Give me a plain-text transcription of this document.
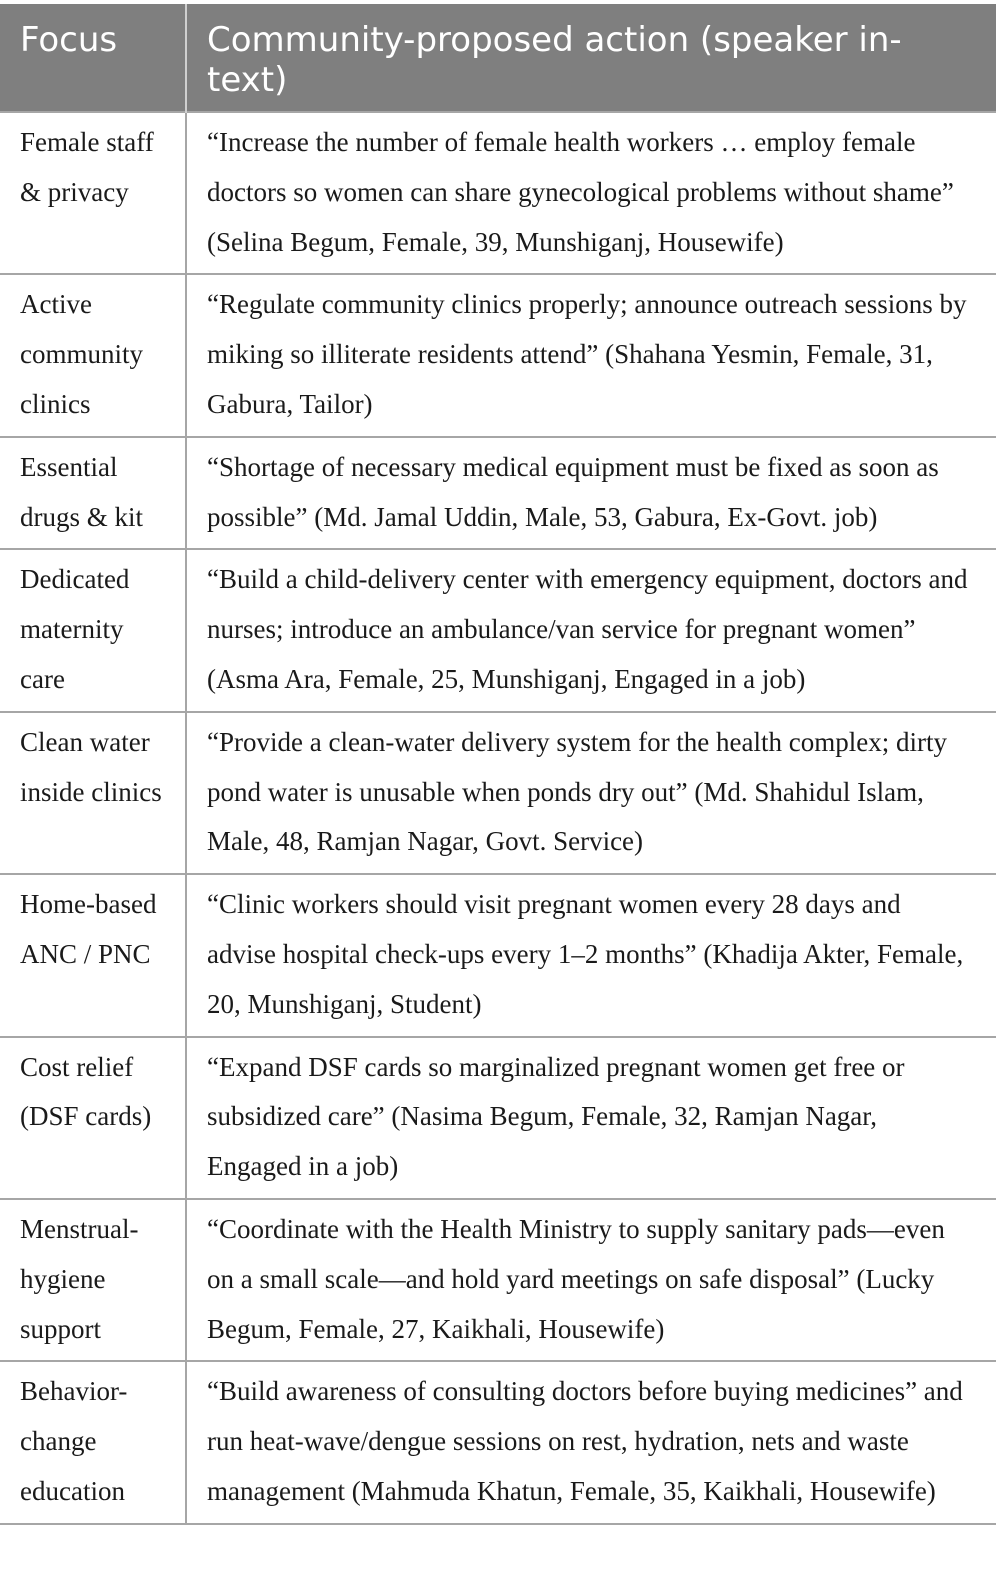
Focus	Community-proposed action (speaker in-text)
Female staff & privacy	“Increase the number of female health workers … employ female doctors so women can share gynecological problems without shame” (Selina Begum, Female, 39, Munshiganj, Housewife)
Active community clinics	“Regulate community clinics properly; announce outreach sessions by miking so illiterate residents attend” (Shahana Yesmin, Female, 31, Gabura, Tailor)
Essential drugs & kit	“Shortage of necessary medical equipment must be fixed as soon as possible” (Md. Jamal Uddin, Male, 53, Gabura, Ex-Govt. job)
Dedicated maternity care	“Build a child-delivery center with emergency equipment, doctors and nurses; introduce an ambulance/van service for pregnant women” (Asma Ara, Female, 25, Munshiganj, Engaged in a job)
Clean water inside clinics	“Provide a clean-water delivery system for the health complex; dirty pond water is unusable when ponds dry out” (Md. Shahidul Islam, Male, 48, Ramjan Nagar, Govt. Service)
Home-based ANC / PNC	“Clinic workers should visit pregnant women every 28 days and advise hospital check-ups every 1–2 months” (Khadija Akter, Female, 20, Munshiganj, Student)
Cost relief (DSF cards)	“Expand DSF cards so marginalized pregnant women get free or subsidized care” (Nasima Begum, Female, 32, Ramjan Nagar, Engaged in a job)
Menstrual-hygiene support	“Coordinate with the Health Ministry to supply sanitary pads—even on a small scale—and hold yard meetings on safe disposal” (Lucky Begum, Female, 27, Kaikhali, Housewife)
Behavior-change education	“Build awareness of consulting doctors before buying medicines” and run heat-wave/dengue sessions on rest, hydration, nets and waste management (Mahmuda Khatun, Female, 35, Kaikhali, Housewife)
